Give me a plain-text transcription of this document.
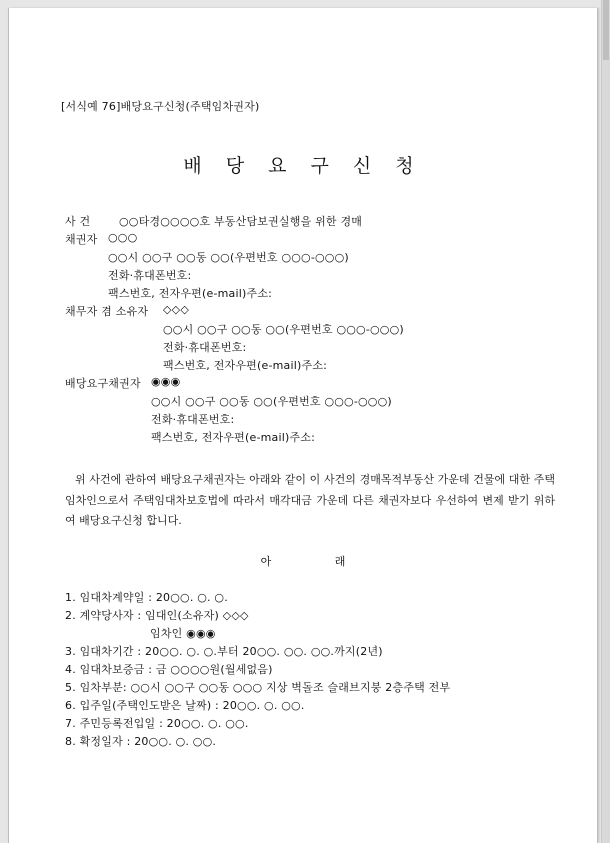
[서식예 76]배당요구신청(주택임차권자)
배 당 요 구 신 청
사 건	○○타경○○○○호 부동산담보권실행을 위한 경매
채권자 ○○○
○○시 ○○구 ○○동 ○○(우편번호 ○○○-○○○)
전화·휴대폰번호:
팩스번호, 전자우편(e-mail)주소:
채무자 겸 소유자 ◇◇◇
○○시 ○○구 ○○동 ○○(우편번호 ○○○-○○○)
전화·휴대폰번호:
팩스번호, 전자우편(e-mail)주소:
배당요구채권자 ◉◉◉
○○시 ○○구 ○○동 ○○(우편번호 ○○○-○○○)
전화·휴대폰번호:
팩스번호, 전자우편(e-mail)주소:
위 사건에 관하여 배당요구채권자는 아래와 같이 이 사건의 경매목적부동산 가운데 건물에 대한 주택임차인으로서 주택임대차보호법에 따라서 매각대금 가운데 다른 채권자보다 우선하여 변제 받기 위하여 배당요구신청 합니다.
아 래
1. 임대차계약일 : 20○○. ○. ○.
2. 계약당사자 : 임대인(소유자) ◇◇◇
임차인 ◉◉◉
3. 임대차기간 : 20○○. ○. ○.부터 20○○. ○○. ○○.까지(2년)
4. 임대차보증금 : 금 ○○○○원(월세없음)
5. 임차부분: ○○시 ○○구 ○○동 ○○○ 지상 벽돌조 슬래브지붕 2층주택 전부
6. 입주일(주택인도받은 날짜) : 20○○. ○. ○○.
7. 주민등록전입일 : 20○○. ○. ○○.
8. 확정일자 : 20○○. ○. ○○.
